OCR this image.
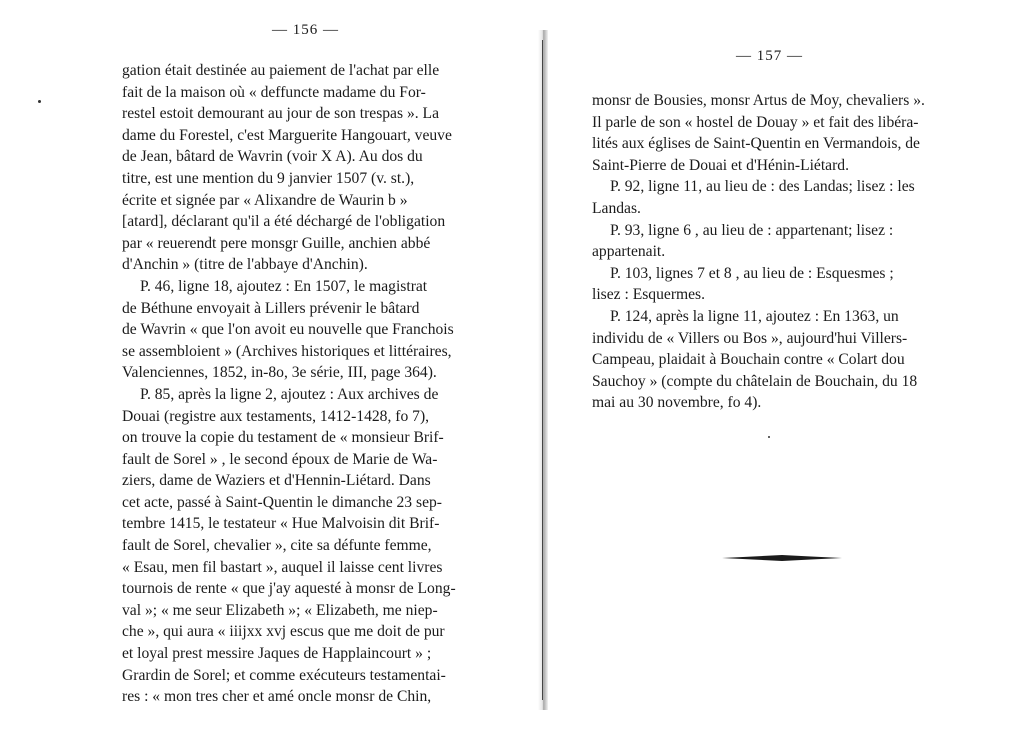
— 156 —
gation était destinée au paiement de l'achat par elle
fait de la maison où « deffuncte madame du For-
restel estoit demourant au jour de son trespas ». La
dame du Forestel, c'est Marguerite Hangouart, veuve
de Jean, bâtard de Wavrin (voir X A). Au dos du
titre, est une mention du 9 janvier 1507 (v. st.),
écrite et signée par « Alixandre de Waurin b »
[atard], déclarant qu'il a été déchargé de l'obligation
par « reuerendt pere monsgr Guille, anchien abbé
d'Anchin » (titre de l'abbaye d'Anchin).
P. 46, ligne 18, ajoutez : En 1507, le magistrat
de Béthune envoyait à Lillers prévenir le bâtard
de Wavrin « que l'on avoit eu nouvelle que Franchois
se assembloient » (Archives historiques et littéraires,
Valenciennes, 1852, in-8o, 3e série, III, page 364).
P. 85, après la ligne 2, ajoutez : Aux archives de
Douai (registre aux testaments, 1412-1428, fo 7),
on trouve la copie du testament de « monsieur Brif-
fault de Sorel » , le second époux de Marie de Wa-
ziers, dame de Waziers et d'Hennin-Liétard. Dans
cet acte, passé à Saint-Quentin le dimanche 23 sep-
tembre 1415, le testateur « Hue Malvoisin dit Brif-
fault de Sorel, chevalier », cite sa défunte femme,
« Esau, men fil bastart », auquel il laisse cent livres
tournois de rente « que j'ay aquesté à monsr de Long-
val »; « me seur Elizabeth »; « Elizabeth, me niep-
che », qui aura « iiijxx xvj escus que me doit de pur
et loyal prest messire Jaques de Happlaincourt » ;
Grardin de Sorel; et comme exécuteurs testamentai-
res : « mon tres cher et amé oncle monsr de Chin,
— 157 —
monsr de Bousies, monsr Artus de Moy, chevaliers ».
Il parle de son « hostel de Douay » et fait des libéra-
lités aux églises de Saint-Quentin en Vermandois, de
Saint-Pierre de Douai et d'Hénin-Liétard.
P. 92, ligne 11, au lieu de : des Landas; lisez : les
Landas.
P. 93, ligne 6 , au lieu de : appartenant; lisez :
appartenait.
P. 103, lignes 7 et 8 , au lieu de : Esquesmes ;
lisez : Esquermes.
P. 124, après la ligne 11, ajoutez : En 1363, un
individu de « Villers ou Bos », aujourd'hui Villers-
Campeau, plaidait à Bouchain contre « Colart dou
Sauchoy » (compte du châtelain de Bouchain, du 18
mai au 30 novembre, fo 4).
